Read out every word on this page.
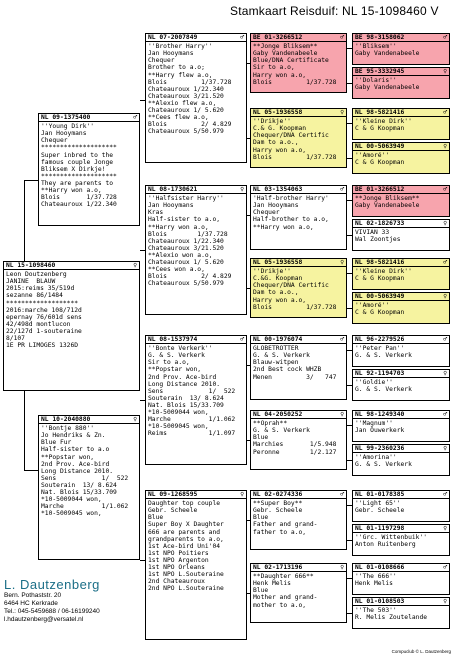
Stamkaart Reisduif: NL 15-1098460 V
NL 15-1098460	♀
Leon Doutzenberg
JANINE  BLAUW
2015:reims 35/519d
sezanne 86/1484
*******************
2016:marche 108/712d
epernay 76/601d sens
42/498d montlucon
22/127d 1-souteraine
8/107
1E PR LIMOGES 1326D
NL 09-1375400	♂
''Young Dirk''
Jan Hooymans
Chequer
********************
Super inbred to the
famous couple Jonge
Bliksem X Dirkje!
********************
They are parents to
**Harry won a.o,
Blois       1/37.728
Chateauroux 1/22.340
NL 10-2040880	♀
''Bontje 880''
Jo Hendriks & Zn.
Blue Fur
Half-sister to a.o
**Popstar won,
2nd Prov. Ace-bird
Long Distance 2010.
Sens            1/  522
Souterain  13/ 8.624
Nat. Blois 15/33.709
*10-5009044 won,
Marche          1/1.062
*10-5009045 won,
L. Dautzenberg
Bern. Pothaststr. 20
6464 HC Kerkrade
Tel.: 045-5459688 / 06-16199240
l.hdautzenberg@versatel.nl
Compuclub © L. Dautzenberg
NL 07-2007849	♂
''Brother Harry''
Jan Hooymans
Chequer
Brother to a.o;
**Harry flew a.o,
Blois         1/37.728
Chateauroux 1/22.340
Chateauroux 3/21.520
**Alexio flew a.o,
Chateauroux 1/ 5.620
**Cees flew a.o,
Blois         2/ 4.829
Chateauroux 5/50.979
NL 08-1730621	♀
''Halfsister Harry''
Jan Hooymans
Kras
Half-sister to a.o,
**Harry won a.o,
Blois        1/37.728
Chateauroux 1/22.340
Chateauroux 3/21.520
**Alexio won a.o,
Chateauroux 1/ 5.620
**Cees won a.o,
Blois         2/ 4.829
Chateauroux 5/50.979
NL 08-1537974	♂
''Bonte Verkerk''
G. & S. Verkerk
Sir to a.o,
**Popstar won,
2nd Prov. Ace-bird
Long Distance 2010.
Sens            1/  522
Souterain  13/ 8.624
Nat. Blois 15/33.709
*10-5009044 won,
Marche          1/1.062
*10-5009045 won,
Reims           1/1.097
NL 09-1268595	♀
Daughter top couple
Gebr. Scheele
Blue
Super Boy X Daughter
666 are parents and
grandparents to a.o,
1st Ace-bird Uni'04
1st NPO Poitiers
1st NPO Argenton
1st NPO Orleans
1st NPO L.Souteraine
2nd Chateauroux
2nd NPO L.Souteraine
BE 01-3266512	♂
**Jonge Bliksem**
Gaby Vandenabeele
Blue/DNA Certificate
Sir to a.o,
Harry won a.o,
Blois         1/37.728
NL 05-1936558	♀
''Drikje''
C.& G. Koopman
Chequer/DNA Certific
Dam to a.o.,
Harry won a.o,
Blois         1/37.728
NL 03-1354063	♂
'Half-brother Harry'
Jan Hooymans
Chequer
Half-brother to a.o,
**Harry won a.o,
NL 05-1936558	♀
''Drikje''
C.&G. Koopman
Chequer/DNA Certific
Dam to a.o.,
Harry won a.o,
Blois         1/37.728
NL 00-1976074	♂
GLOBETROTTER
G. & S. Verkerk
Blauw-witpen
2nd Best cock WHZB
Menen         3/   747
NL 04-2050252	♀
**Oprah**
G. & S. Verkerk
Blue
Marchies       1/5.948
Peronne        1/2.127
NL 02-0274336	♂
**Super Boy**
Gebr. Scheele
Blue
Father and grand-
father to a.o,
NL 02-1713196	♀
**Daughter 666**
Henk Melis
Blue
Mother and grand-
mother to a.o,
BE 98-3158062	♂
''Bliksem''
Gaby Vandenabeele
BE 95-3332945	♀
''Dolaris''
Gaby Vandenabeele
NL 98-5821416	♂
''Kleine Dirk''
C & G Koopman
NL 00-5063949	♀
''Amoré''
C & G Koopman
BE 01-3266512	♂
**Jonge Bliksem**
Gaby Vandenabeele
NL 02-1826733	♀
VIVIAN 33
Wal Zoontjes
NL 98-5821416	♂
''Kleine Dirk''
C & G Koopman
NL 00-5063949	♀
''Amoré''
C & G Koopman
NL 96-2279526	♂
''Peter Pan''
G. & S. Verkerk
NL 92-1194703	♀
''Goldie''
G. & S. Verkerk
NL 98-1249340	♂
''Magnum''
Jan Ouwerkerk
NL 99-2360236	♀
''Amorina''
G. & S. Verkerk
NL 01-0178385	♂
''Light 65''
Gebr. Scheele
NL 01-1197298	♀
''Grc. Wittenbuik''
Anton Ruitenberg
NL 01-0108666	♂
''The 666''
Henk Melis
NL 01-0108503	♀
''The 503''
R. Melis Zoutelande
